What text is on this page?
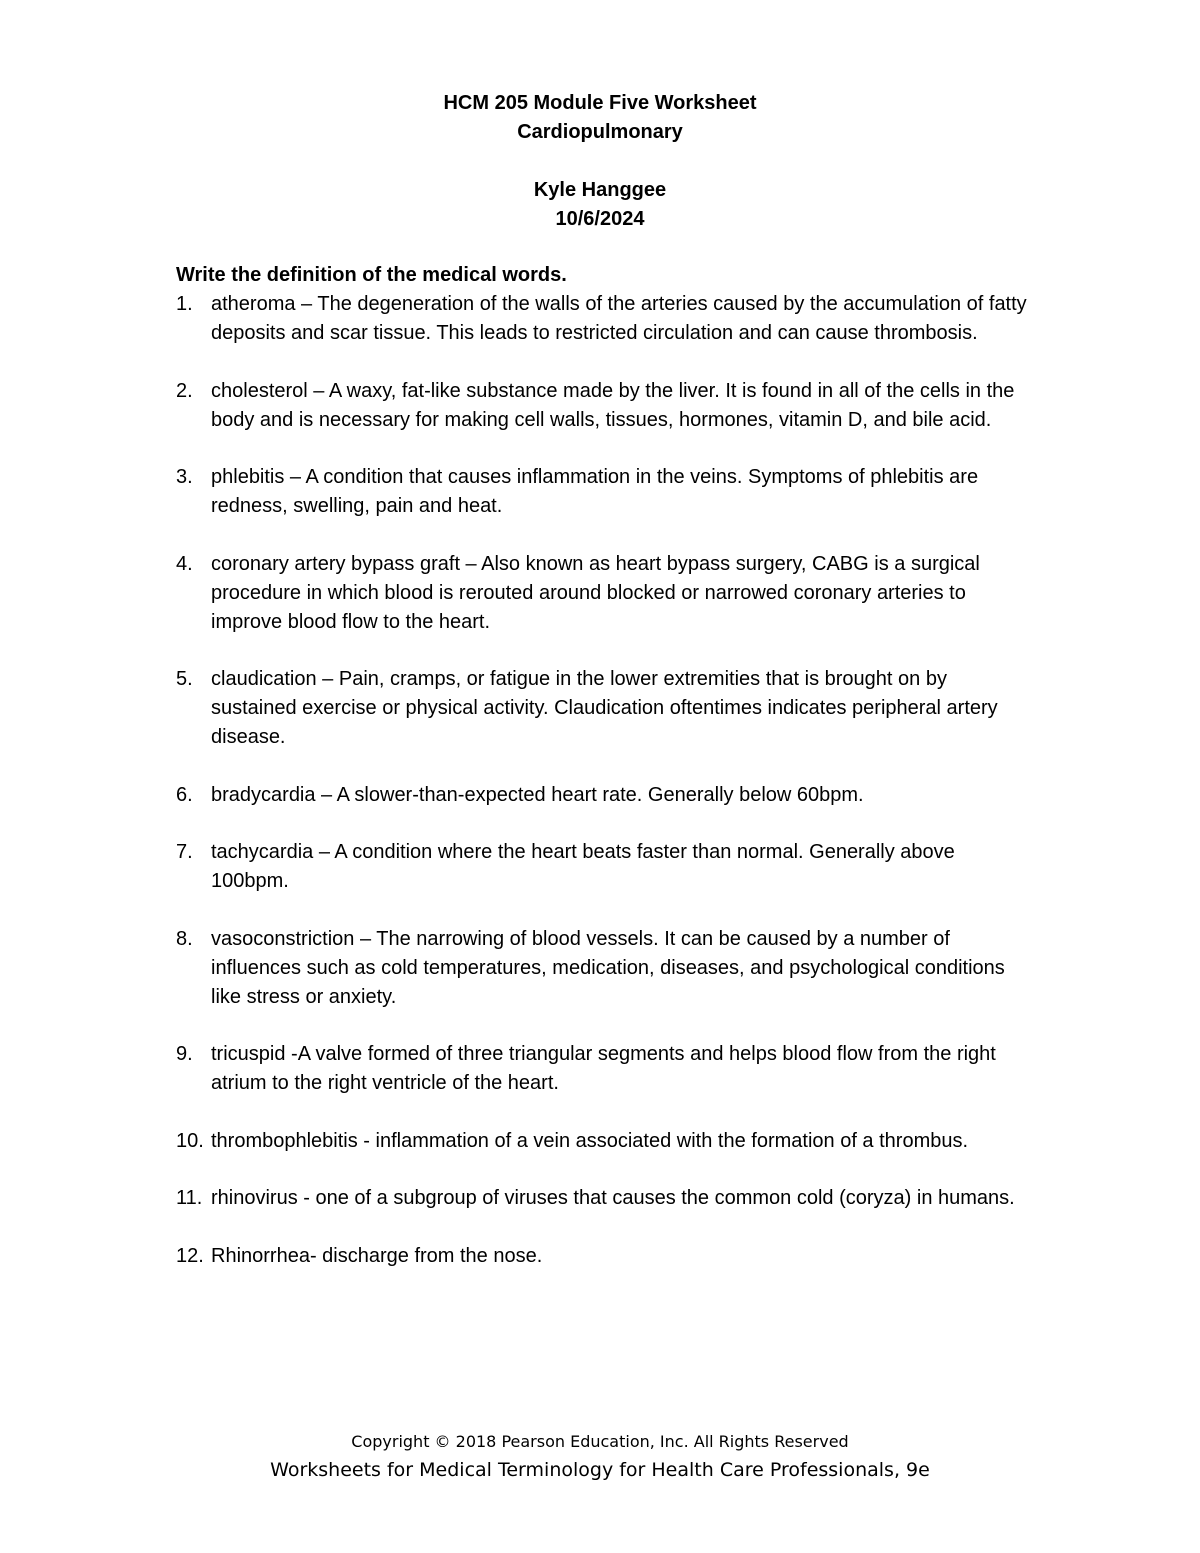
HCM 205 Module Five Worksheet
Cardiopulmonary
Kyle Hanggee
10/6/2024
Write the definition of the medical words.
1. atheroma – The degeneration of the walls of the arteries caused by the accumulation of fatty deposits and scar tissue. This leads to restricted circulation and can cause thrombosis.
2. cholesterol – A waxy, fat-like substance made by the liver. It is found in all of the cells in the body and is necessary for making cell walls, tissues, hormones, vitamin D, and bile acid.
3. phlebitis – A condition that causes inflammation in the veins. Symptoms of phlebitis are redness, swelling, pain and heat.
4. coronary artery bypass graft – Also known as heart bypass surgery, CABG is a surgical procedure in which blood is rerouted around blocked or narrowed coronary arteries to improve blood flow to the heart.
5. claudication – Pain, cramps, or fatigue in the lower extremities that is brought on by sustained exercise or physical activity. Claudication oftentimes indicates peripheral artery disease.
6. bradycardia – A slower-than-expected heart rate. Generally below 60bpm.
7. tachycardia – A condition where the heart beats faster than normal. Generally above 100bpm.
8. vasoconstriction – The narrowing of blood vessels. It can be caused by a number of influences such as cold temperatures, medication, diseases, and psychological conditions like stress or anxiety.
9. tricuspid -A valve formed of three triangular segments and helps blood flow from the right atrium to the right ventricle of the heart.
10. thrombophlebitis - inflammation of a vein associated with the formation of a thrombus.
11. rhinovirus - one of a subgroup of viruses that causes the common cold (coryza) in humans.
12. Rhinorrhea- discharge from the nose.
Copyright © 2018 Pearson Education, Inc. All Rights Reserved
Worksheets for Medical Terminology for Health Care Professionals, 9e
